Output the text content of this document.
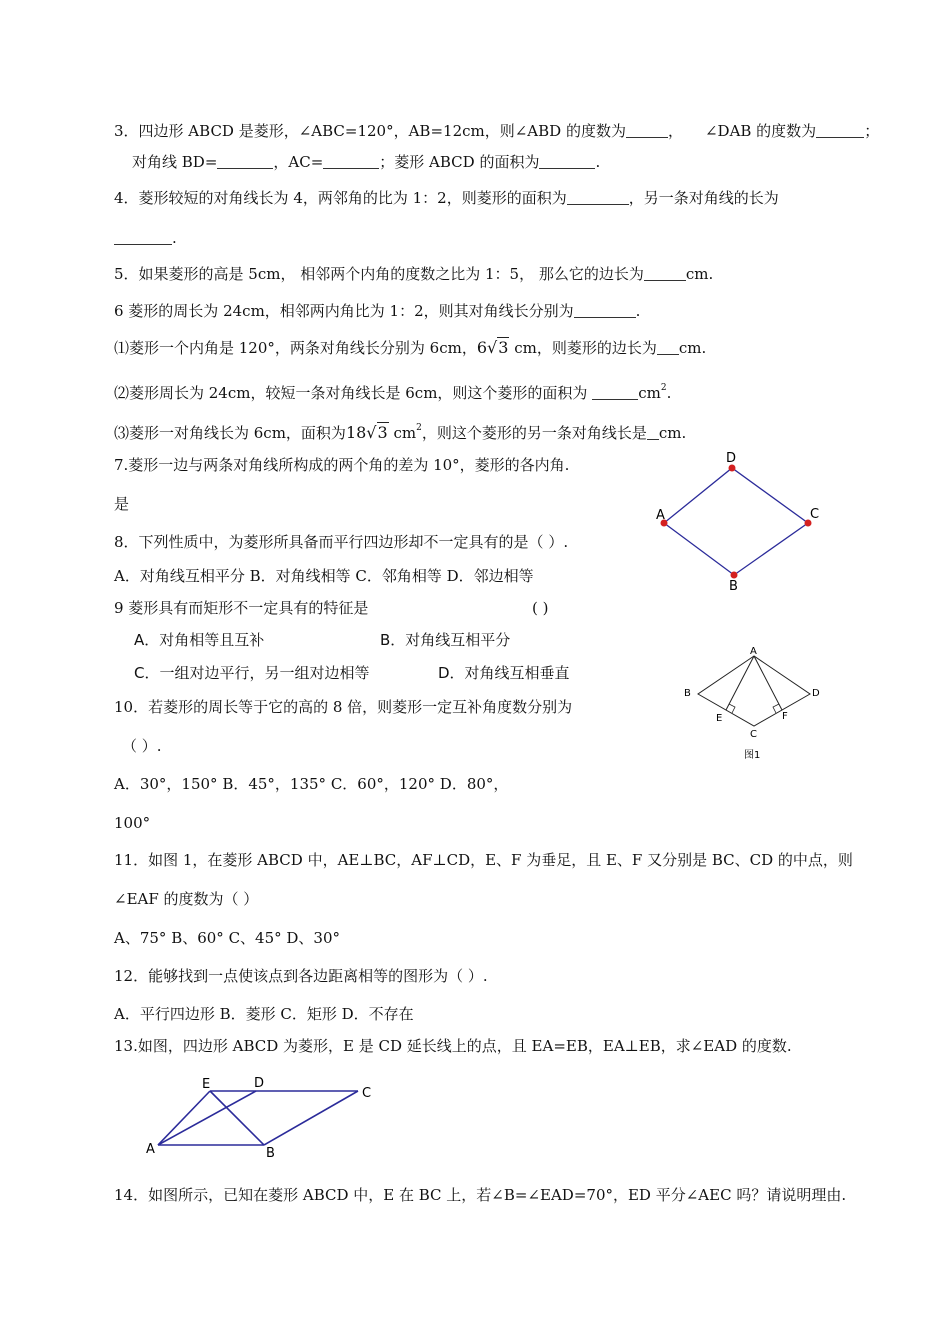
3．四边形 ABCD 是菱形，∠ABC=120°，AB=12cm，则∠ABD 的度数为	， ∠DAB 的度数为	；
对角线 BD=	，AC=	；菱形 ABCD 的面积为	.
4．菱形较短的对角线长为 4，两邻角的比为 1：2，则菱形的面积为	，另一条对角线的长为
.
5．如果菱形的高是 5cm， 相邻两个内角的度数之比为 1：5， 那么它的边长为	cm.
6 菱形的周长为 24cm，相邻两内角比为 1：2，则其对角线长分别为	.
⑴菱形一个内角是 120°，两条对角线长分别为 6cm，6√3 cm，则菱形的边长为 cm.
⑵菱形周长为 24cm，较短一条对角线长是 6cm，则这个菱形的面积为	$cm^2$.
⑶菱形一对角线长为 6cm，面积为18√3 $cm^2$，则这个菱形的另一条对角线长是 cm.
7.菱形一边与两条对角线所构成的两个角的差为 10°，菱形的各内角.
是
A
D
C
B
8．下列性质中，为菱形所具备而平行四边形却不一定具有的是（ ）.
A．对角线互相平分 B．对角线相等 C．邻角相等 D．邻边相等
9 菱形具有而矩形不一定具有的特征是	( )
A．对角相等且互补	B．对角线互相平分
C．一组对边平行，另一组对边相等	D．对角线互相垂直
A
B	D
E	F
C
图1
10．若菱形的周长等于它的高的 8 倍，则菱形一定互补角度数分别为
（ ）.
A．30°，150° B．45°，135° C．60°，120° D．80°，
100°
11．如图 1，在菱形 ABCD 中，AE⊥BC，AF⊥CD，E、F 为垂足，且 E、F 又分别是 BC、CD 的中点，则
∠EAF 的度数为（ ）
A、75° B、60° C、45° D、30°
12．能够找到一点使该点到各边距离相等的图形为（ ）.
A．平行四边形 B．菱形 C．矩形 D．不存在
13.如图，四边形 ABCD 为菱形，E 是 CD 延长线上的点，且 EA=EB，EA⊥EB，求∠EAD 的度数.
E	D
C
A	B
14．如图所示，已知在菱形 ABCD 中，E 在 BC 上，若∠B=∠EAD=70°，ED 平分∠AEC 吗？请说明理由.
